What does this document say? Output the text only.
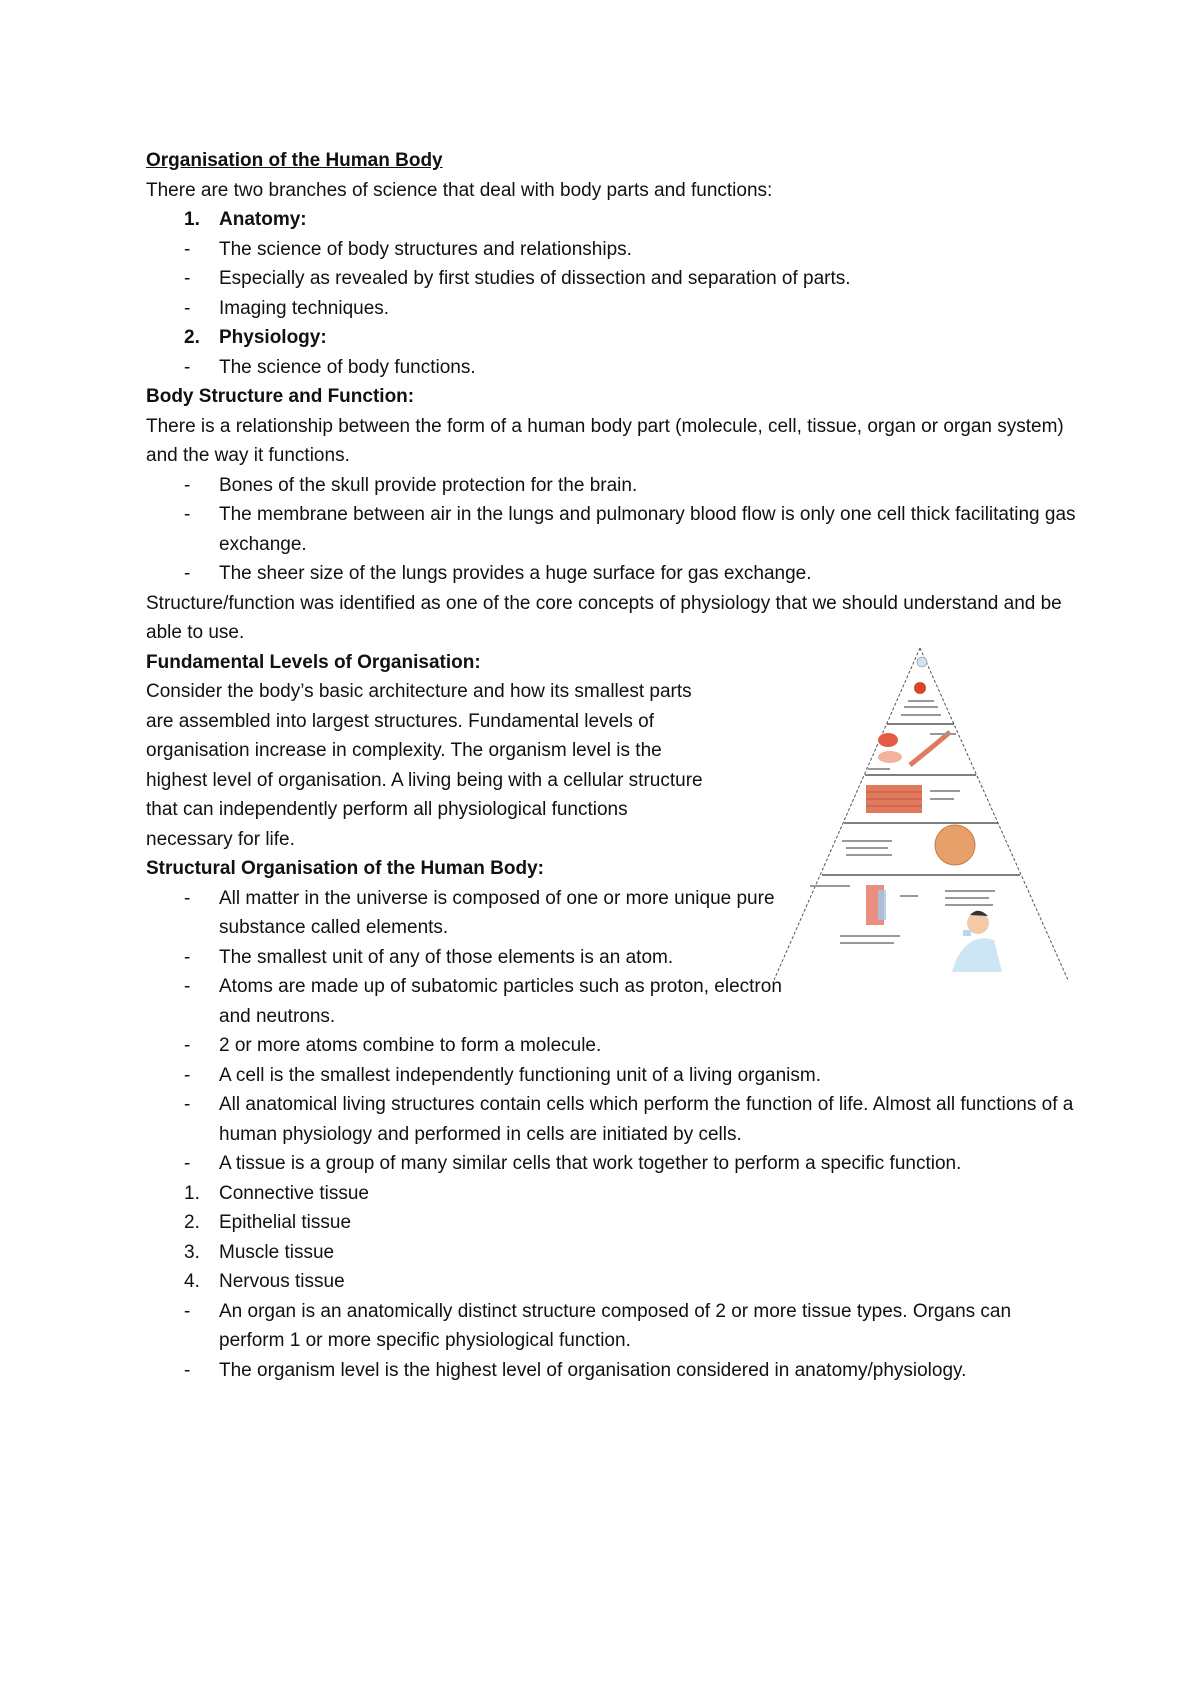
Organisation of the Human Body

There are two branches of science that deal with body parts and functions:

1. Anatomy:
- The science of body structures and relationships.
- Especially as revealed by first studies of dissection and separation of parts.
- Imaging techniques.
2. Physiology:
- The science of body functions.

Body Structure and Function:

There is a relationship between the form of a human body part (molecule, cell, tissue, organ or organ system) and the way it functions.

- Bones of the skull provide protection for the brain.
- The membrane between air in the lungs and pulmonary blood flow is only one cell thick facilitating gas exchange.
- The sheer size of the lungs provides a huge surface for gas exchange.

Structure/function was identified as one of the core concepts of physiology that we should understand and be able to use.

Fundamental Levels of Organisation:

Consider the body’s basic architecture and how its smallest parts

are assembled into largest structures. Fundamental levels of

organisation increase in complexity. The organism level is the

highest level of organisation. A living being with a cellular structure

that can independently perform all physiological functions

necessary for life.

Structural Organisation of the Human Body:

- All matter in the universe is composed of one or more unique pure substance called elements.
- The smallest unit of any of those elements is an atom.
- Atoms are made up of subatomic particles such as proton, electron and neutrons.
- 2 or more atoms combine to form a molecule.
- A cell is the smallest independently functioning unit of a living organism.
- All anatomical living structures contain cells which perform the function of life. Almost all functions of a human physiology and performed in cells are initiated by cells.
- A tissue is a group of many similar cells that work together to perform a specific function.
1. Connective tissue
2. Epithelial tissue
3. Muscle tissue
4. Nervous tissue
- An organ is an anatomically distinct structure composed of 2 or more tissue types. Organs can perform 1 or more specific physiological function.
- The organism level is the highest level of organisation considered in anatomy/physiology.
